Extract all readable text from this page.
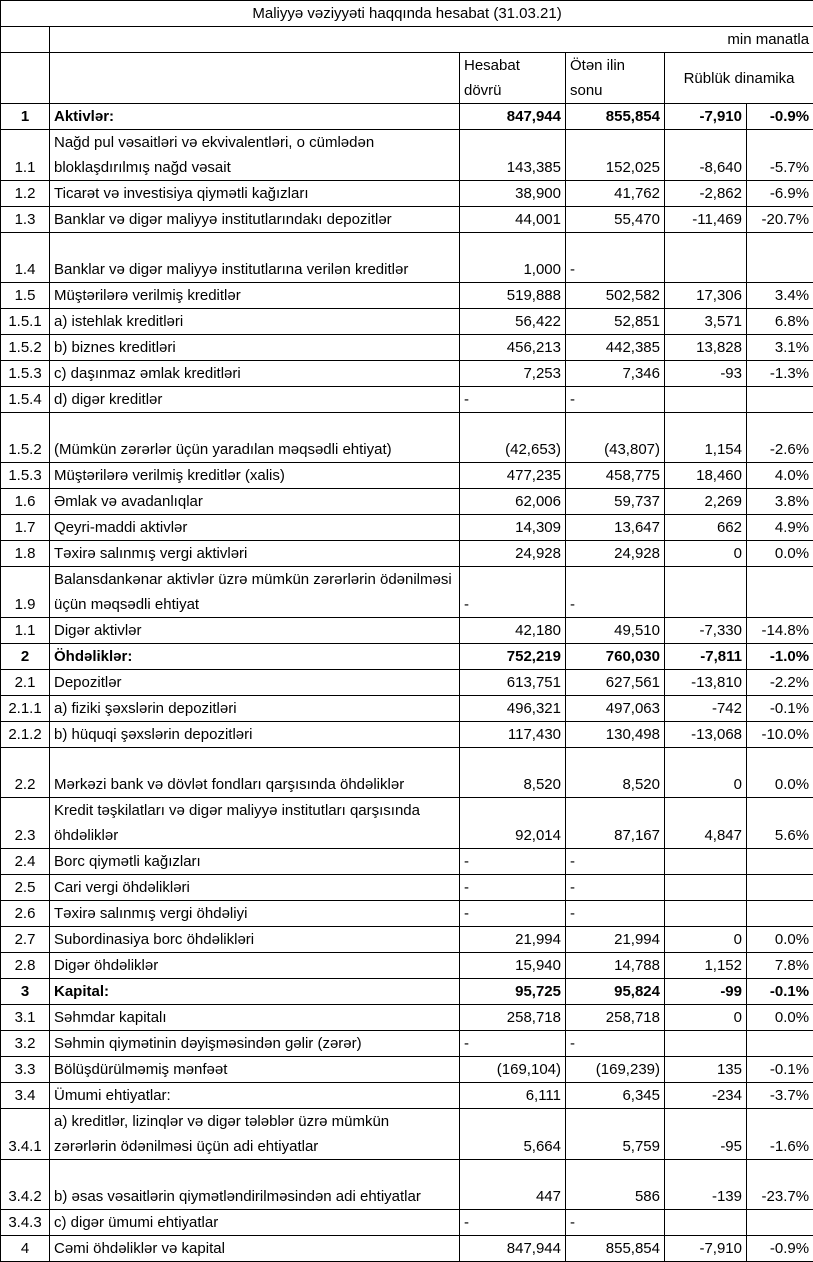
Maliyyə vəziyyəti haqqında hesabat (31.03.21)					
	min manatla				
		Hesabat dövrü	Ötən ilin sonu	Rüblük dinamika	
1	Aktivlər:	847,944	855,854	-7,910	-0.9%
1.1	Nağd pul vəsaitləri və ekvivalentləri, o cümlədən bloklaşdırılmış nağd vəsait	143,385	152,025	-8,640	-5.7%
1.2	Ticarət və investisiya qiymətli kağızları	38,900	41,762	-2,862	-6.9%
1.3	Banklar və digər maliyyə institutlarındakı depozitlər	44,001	55,470	-11,469	-20.7%
1.4	Banklar və digər maliyyə institutlarına verilən kreditlər	1,000	-		
1.5	Müştərilərə verilmiş kreditlər	519,888	502,582	17,306	3.4%
1.5.1	a) istehlak kreditləri	56,422	52,851	3,571	6.8%
1.5.2	b) biznes kreditləri	456,213	442,385	13,828	3.1%
1.5.3	c) daşınmaz əmlak kreditləri	7,253	7,346	-93	-1.3%
1.5.4	d) digər kreditlər	-	-		
1.5.2	(Mümkün zərərlər üçün yaradılan məqsədli ehtiyat)	(42,653)	(43,807)	1,154	-2.6%
1.5.3	Müştərilərə verilmiş kreditlər (xalis)	477,235	458,775	18,460	4.0%
1.6	Əmlak və avadanlıqlar	62,006	59,737	2,269	3.8%
1.7	Qeyri-maddi aktivlər	14,309	13,647	662	4.9%
1.8	Təxirə salınmış vergi aktivləri	24,928	24,928	0	0.0%
1.9	Balansdankənar aktivlər üzrə mümkün zərərlərin ödənilməsi üçün məqsədli ehtiyat	-	-		
1.1	Digər aktivlər	42,180	49,510	-7,330	-14.8%
2	Öhdəliklər:	752,219	760,030	-7,811	-1.0%
2.1	Depozitlər	613,751	627,561	-13,810	-2.2%
2.1.1	a) fiziki şəxslərin depozitləri	496,321	497,063	-742	-0.1%
2.1.2	b) hüquqi şəxslərin depozitləri	117,430	130,498	-13,068	-10.0%
2.2	Mərkəzi bank və dövlət fondları qarşısında öhdəliklər	8,520	8,520	0	0.0%
2.3	Kredit təşkilatları və digər maliyyə institutları qarşısında öhdəliklər	92,014	87,167	4,847	5.6%
2.4	Borc qiymətli kağızları	-	-		
2.5	Cari vergi öhdəlikləri	-	-		
2.6	Təxirə salınmış vergi öhdəliyi	-	-		
2.7	Subordinasiya borc öhdəlikləri	21,994	21,994	0	0.0%
2.8	Digər öhdəliklər	15,940	14,788	1,152	7.8%
3	Kapital:	95,725	95,824	-99	-0.1%
3.1	Səhmdar kapitalı	258,718	258,718	0	0.0%
3.2	Səhmin qiymətinin dəyişməsindən gəlir (zərər)	-	-		
3.3	Bölüşdürülməmiş mənfəət	(169,104)	(169,239)	135	-0.1%
3.4	Ümumi ehtiyatlar:	6,111	6,345	-234	-3.7%
3.4.1	a) kreditlər, lizinqlər və digər tələblər üzrə mümkün zərərlərin ödənilməsi üçün adi ehtiyatlar	5,664	5,759	-95	-1.6%
3.4.2	b) əsas vəsaitlərin qiymətləndirilməsindən adi ehtiyatlar	447	586	-139	-23.7%
3.4.3	c) digər ümumi ehtiyatlar	-	-		
4	Cəmi öhdəliklər və kapital	847,944	855,854	-7,910	-0.9%
